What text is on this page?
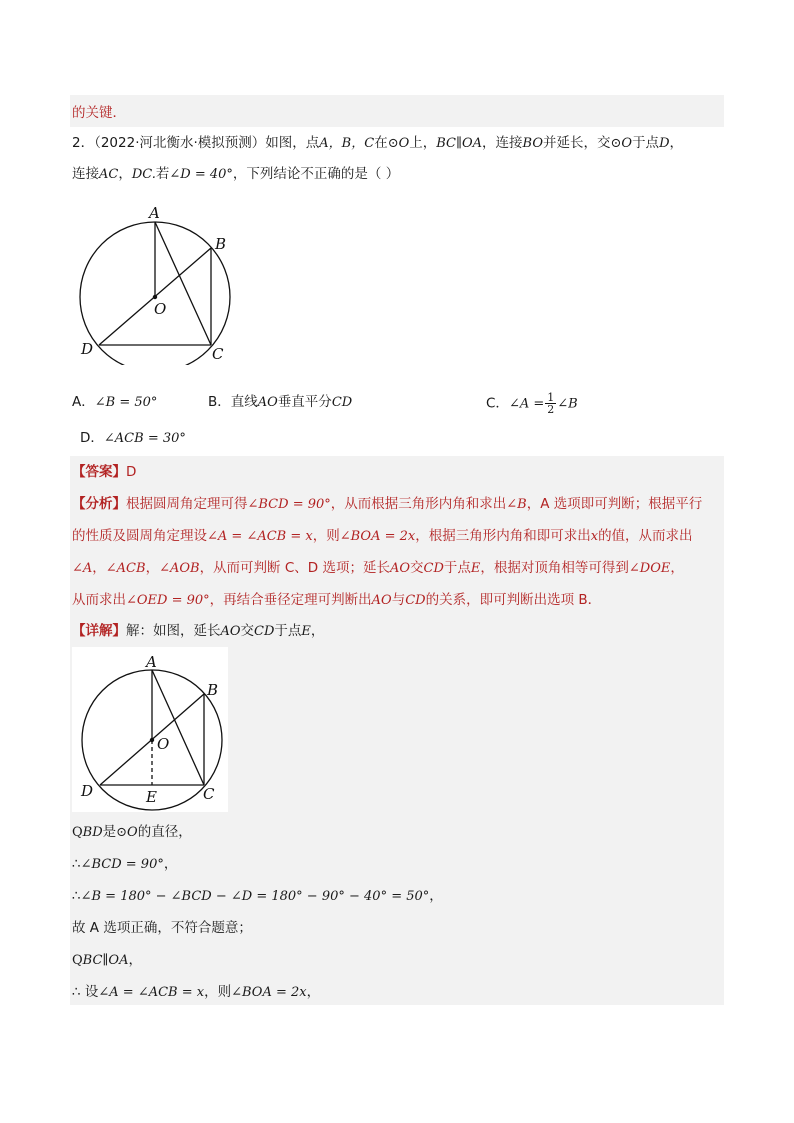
的关键．
2．（2022·河北衡水·模拟预测）如图，点A，B，C在⊙O上，BC∥OA，连接BO并延长，交⊙O于点D，
连接AC，DC.若∠D = 40°，下列结论不正确的是（ ）
A
B
C
D
O
A．∠B = 50°	B．直线AO垂直平分CD	C．∠A = $\frac{1}{2}$ ∠B
D．∠ACB = 30°
【答案】D
【分析】根据圆周角定理可得∠BCD = 90°，从而根据三角形内角和求出∠B，A 选项即可判断；根据平行
的性质及圆周角定理设∠A = ∠ACB = x，则∠BOA = 2x，根据三角形内角和即可求出x的值，从而求出
∠A，∠ACB，∠AOB，从而可判断 C、D 选项；延长AO交CD于点E，根据对顶角相等可得到∠DOE，
从而求出∠OED = 90°，再结合垂径定理可判断出AO与CD的关系，即可判断出选项 B．
【详解】解：如图，延长AO交CD于点E，
A
B
C
D
O
E
QBD是⊙O的直径，
∴∠BCD = 90°，
∴∠B = 180° − ∠BCD − ∠D = 180° − 90° − 40° = 50°，
故 A 选项正确，不符合题意；
QBC∥OA，
∴ 设∠A = ∠ACB = x，则∠BOA = 2x，
